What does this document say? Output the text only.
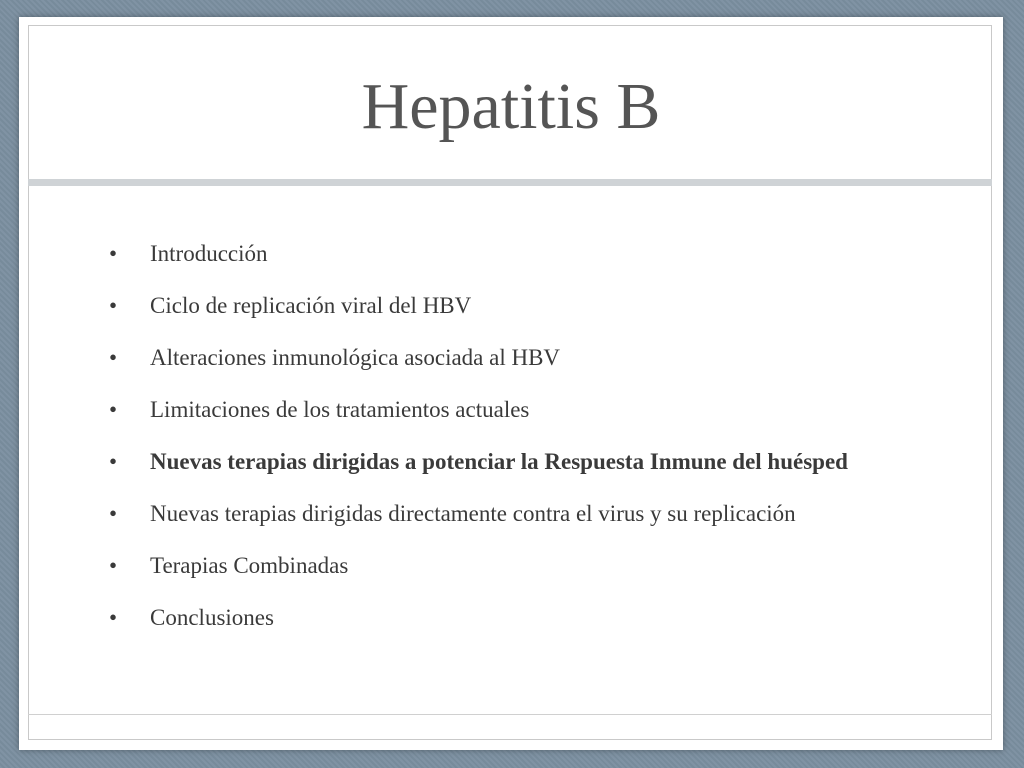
Hepatitis B
•	Introducción
•	Ciclo de replicación viral del HBV
•	Alteraciones inmunológica asociada al HBV
•	Limitaciones de los tratamientos actuales
•	Nuevas terapias dirigidas a potenciar la Respuesta Inmune del huésped
•	Nuevas terapias dirigidas directamente contra el virus y su replicación
•	Terapias Combinadas
•	Conclusiones
